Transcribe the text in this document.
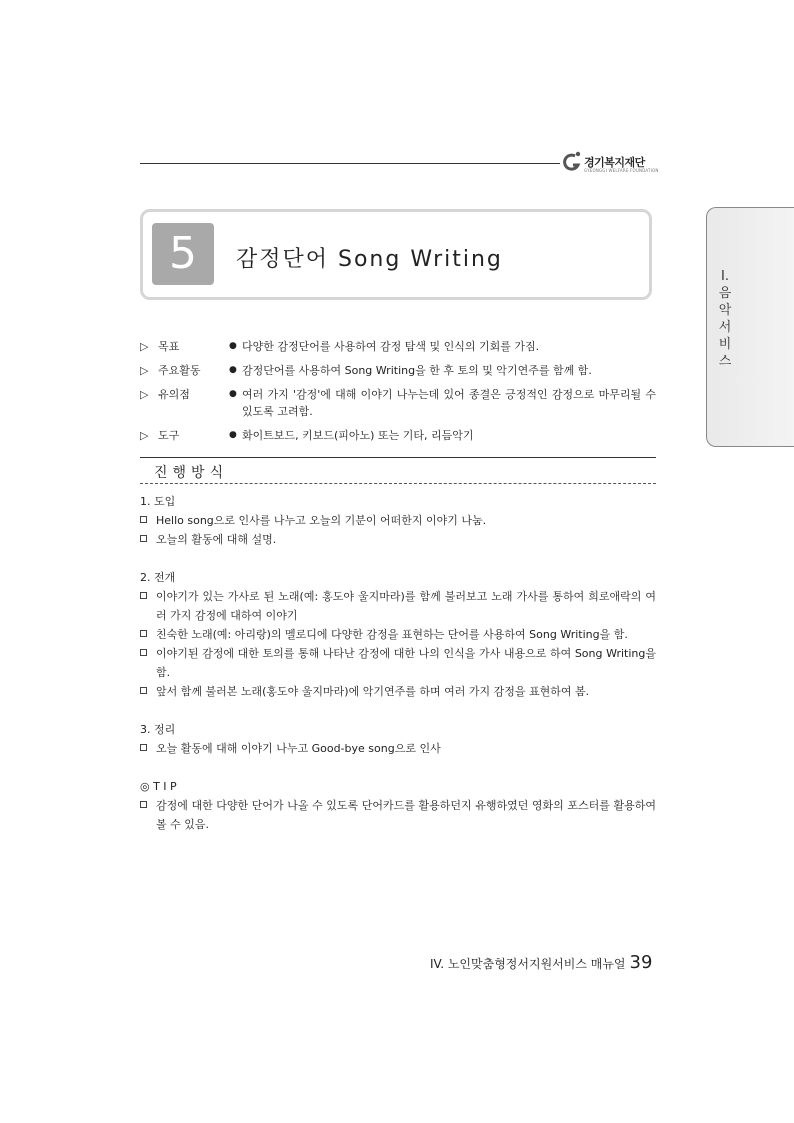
경기복지재단
GYEONGGI WELFARE FOUNDATION
5	감정단어 Song Writing
Ⅰ.음악서비스
▷ 목표	● 다양한 감정단어를 사용하여 감정 탐색 및 인식의 기회를 가짐.
▷ 주요활동	● 감정단어를 사용하여 Song Writing을 한 후 토의 및 악기연주를 함께 함.
▷ 유의점	● 여러 가지 '감정'에 대해 이야기 나누는데 있어 종결은 긍정적인 감정으로 마무리될 수 있도록 고려함.
▷ 도구	● 화이트보드, 키보드(피아노) 또는 기타, 리듬악기
진행방식

1. 도입

Hello song으로 인사를 나누고 오늘의 기분이 어떠한지 이야기 나눔.
오늘의 활동에 대해 설명.

2. 전개

이야기가 있는 가사로 된 노래(예: 홍도야 울지마라)를 함께 불러보고 노래 가사를 통하여 희로애락의 여러 가지 감정에 대하여 이야기
친숙한 노래(예: 아리랑)의 멜로디에 다양한 감정을 표현하는 단어를 사용하여 Song Writing을 함.
이야기된 감정에 대한 토의를 통해 나타난 감정에 대한 나의 인식을 가사 내용으로 하여 Song Writing을 함.
앞서 함께 불러본 노래(홍도야 울지마라)에 악기연주를 하며 여러 가지 감정을 표현하여 봄.

3. 정리

오늘 활동에 대해 이야기 나누고 Good-bye song으로 인사

◎ T I P

감정에 대한 다양한 단어가 나올 수 있도록 단어카드를 활용하던지 유행하였던 영화의 포스터를 활용하여 볼 수 있음.
IV. 노인맞춤형정서지원서비스 매뉴얼 39
